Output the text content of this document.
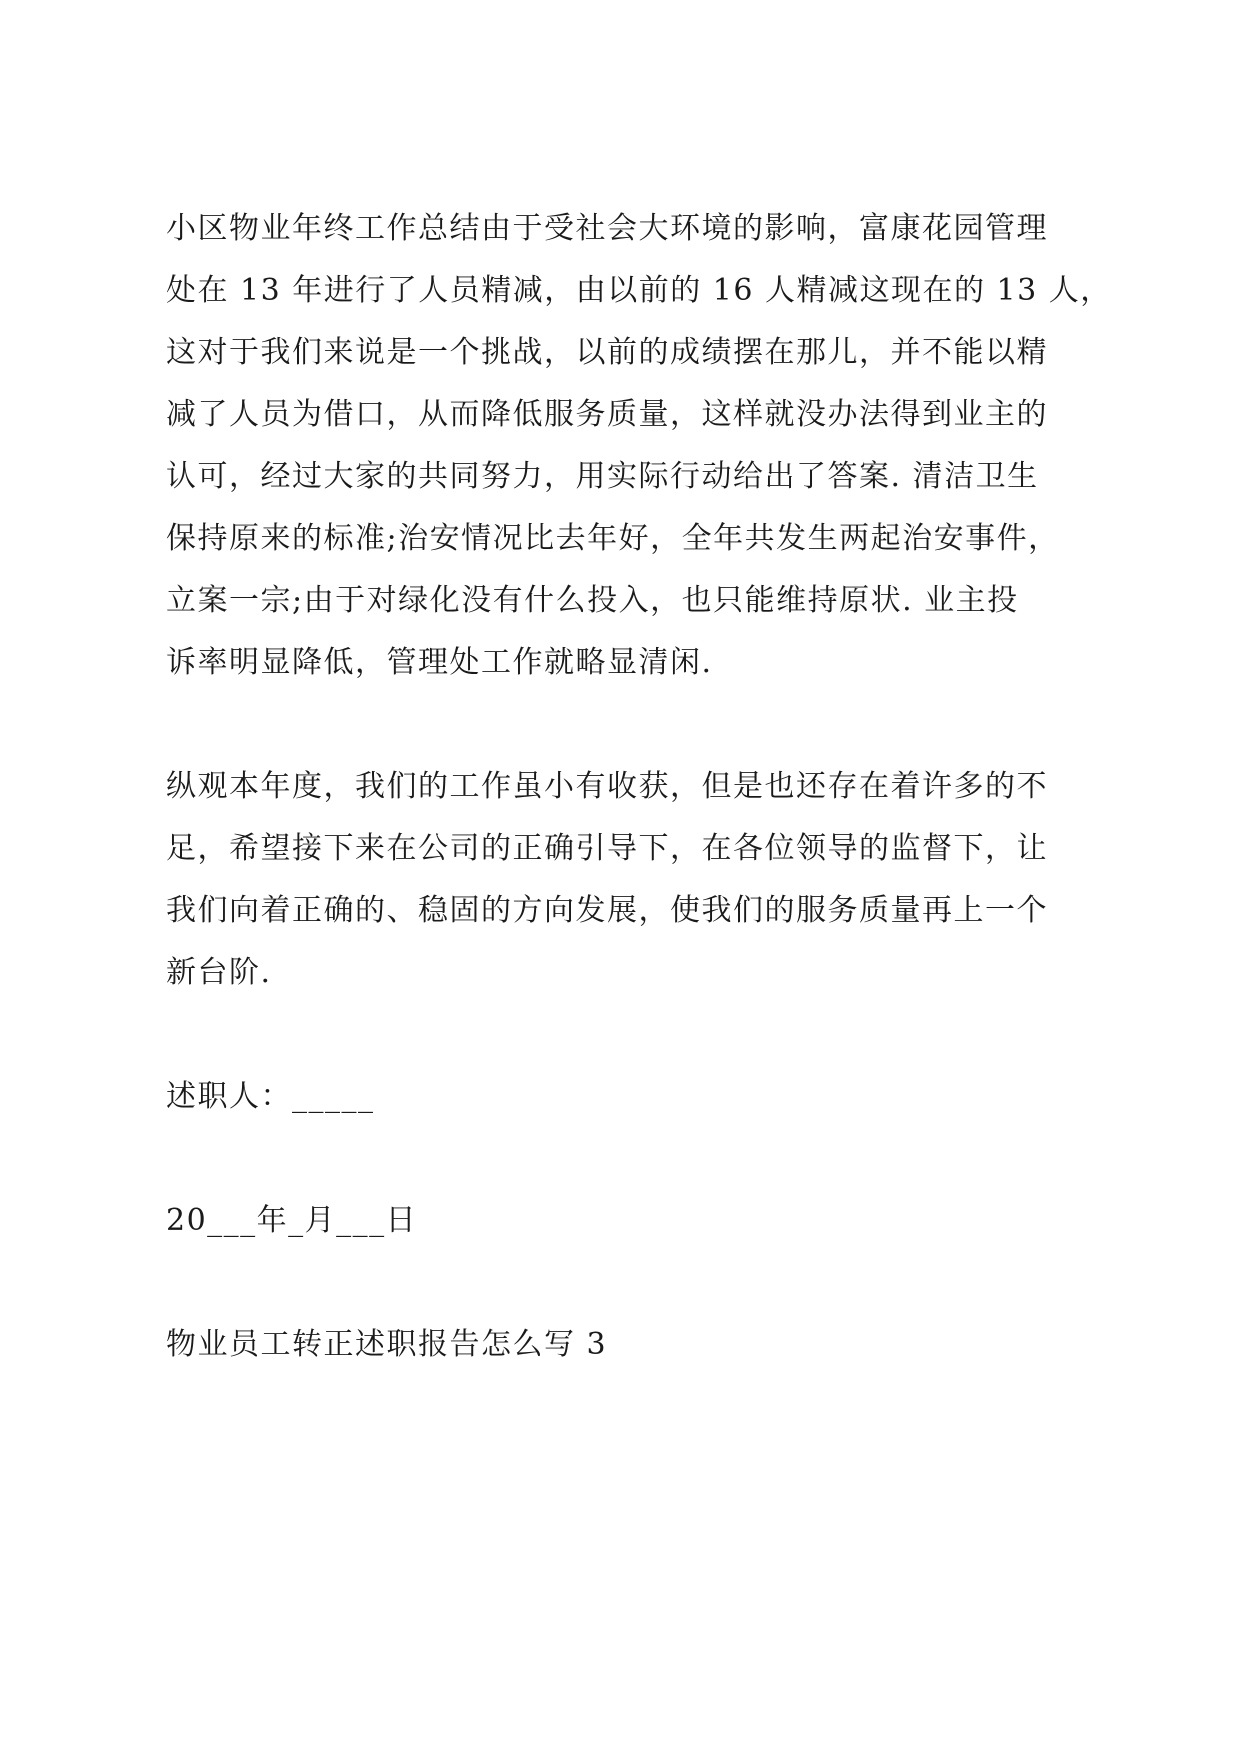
小区物业年终工作总结由于受社会大环境的影响，富康花园管理
处在 13 年进行了人员精减，由以前的 16 人精减这现在的 13 人，
这对于我们来说是一个挑战，以前的成绩摆在那儿，并不能以精
减了人员为借口，从而降低服务质量，这样就没办法得到业主的
认可，经过大家的共同努力，用实际行动给出了答案. 清洁卫生
保持原来的标准;治安情况比去年好，全年共发生两起治安事件，
立案一宗;由于对绿化没有什么投入，也只能维持原状. 业主投
诉率明显降低，管理处工作就略显清闲.
纵观本年度，我们的工作虽小有收获，但是也还存在着许多的不
足，希望接下来在公司的正确引导下，在各位领导的监督下，让
我们向着正确的、稳固的方向发展，使我们的服务质量再上一个
新台阶.
述职人：_____
20___年_月___日
物业员工转正述职报告怎么写 3
